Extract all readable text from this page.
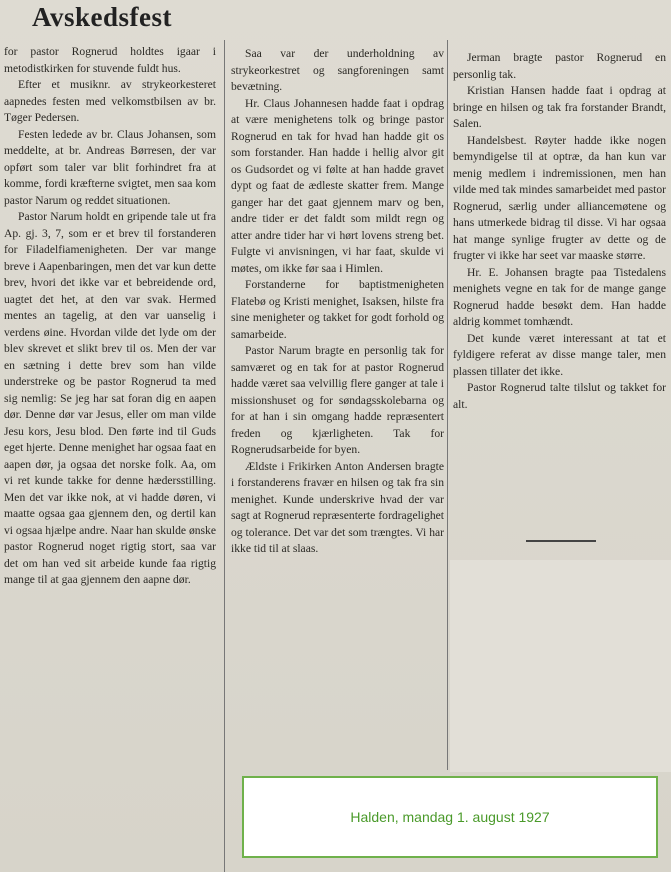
Avskedsfest

for pastor Rognerud holdtes igaar i metodistkirken for stuvende fuldt hus.

Efter et musiknr. av strykeorkesteret aapnedes festen med velkomstbilsen av br. Tøger Pedersen.

Festen ledede av br. Claus Johansen, som meddelte, at br. Andreas Børresen, der var opført som taler var blit forhindret fra at komme, fordi kræfterne svigtet, men saa kom pastor Narum og reddet situationen.

Pastor Narum holdt en gripende tale ut fra Ap. gj. 3, 7, som er et brev til forstanderen for Filadelfiamenigheten. Der var mange breve i Aapenbaringen, men det var kun dette brev, hvori det ikke var et bebreidende ord, uagtet det het, at den var svak. Hermed mentes an tagelig, at den var uanselig i verdens øine. Hvordan vilde det lyde om der blev skrevet et slikt brev til os. Men der var en sætning i dette brev som han vilde understreke og be pastor Rognerud ta med sig nemlig: Se jeg har sat foran dig en aapen dør. Denne dør var Jesus, eller om man vilde Jesu kors, Jesu blod. Den førte ind til Guds eget hjerte. Denne menighet har ogsaa faat en aapen dør, ja ogsaa det norske folk. Aa, om vi ret kunde takke for denne hædersstilling. Men det var ikke nok, at vi hadde døren, vi maatte ogsaa gaa gjennem den, og dertil kan vi ogsaa hjælpe andre. Naar han skulde ønske pastor Rognerud noget rigtig stort, saa var det om han ved sit arbeide kunde faa rigtig mange til at gaa gjennem den aapne dør.

Saa var der underholdning av strykeorkestret og sangforeningen samt bevætning.

Hr. Claus Johannesen hadde faat i opdrag at være menighetens tolk og bringe pastor Rognerud en tak for hvad han hadde git os som forstander. Han hadde i hellig alvor git os Gudsordet og vi følte at han hadde gravet dypt og faat de ædleste skatter frem. Mange ganger har det gaat gjennem marv og ben, andre tider er det faldt som mildt regn og atter andre tider har vi hørt lovens streng bet. Fulgte vi anvisningen, vi har faat, skulde vi møtes, om ikke før saa i Himlen.

Forstanderne for baptistmenigheten Flatebø og Kristi menighet, Isaksen, hilste fra sine menigheter og takket for godt forhold og samarbeide.

Pastor Narum bragte en personlig tak for samværet og en tak for at pastor Rognerud hadde været saa velvillig flere ganger at tale i missionshuset og for søndagsskolebarna og for at han i sin omgang hadde repræsentert freden og kjærligheten. Tak for Rognerudsarbeide for byen.

Ældste i Frikirken Anton Andersen bragte i forstanderens fravær en hilsen og tak fra sin menighet. Kunde underskrive hvad der var sagt at Rognerud repræsenterte fordragelighet og tolerance. Det var det som trængtes. Vi har ikke tid til at slaas.

Jerman bragte pastor Rognerud en personlig tak.

Kristian Hansen hadde faat i opdrag at bringe en hilsen og tak fra forstander Brandt, Salen.

Handelsbest. Røyter hadde ikke nogen bemyndigelse til at optræ, da han kun var menig medlem i indremissionen, men han vilde med tak mindes samarbeidet med pastor Rognerud, særlig under alliancemøtene og hans utmerkede bidrag til disse. Vi har ogsaa hat mange synlige frugter av dette og de frugter vi ikke har seet var maaske større.

Hr. E. Johansen bragte paa Tistedalens menighets vegne en tak for de mange gange Rognerud hadde besøkt dem. Han hadde aldrig kommet tomhændt.

Det kunde været interessant at tat et fyldigere referat av disse mange taler, men plassen tillater det ikke.

Pastor Rognerud talte tilslut og takket for alt.

Halden, mandag 1. august 1927
